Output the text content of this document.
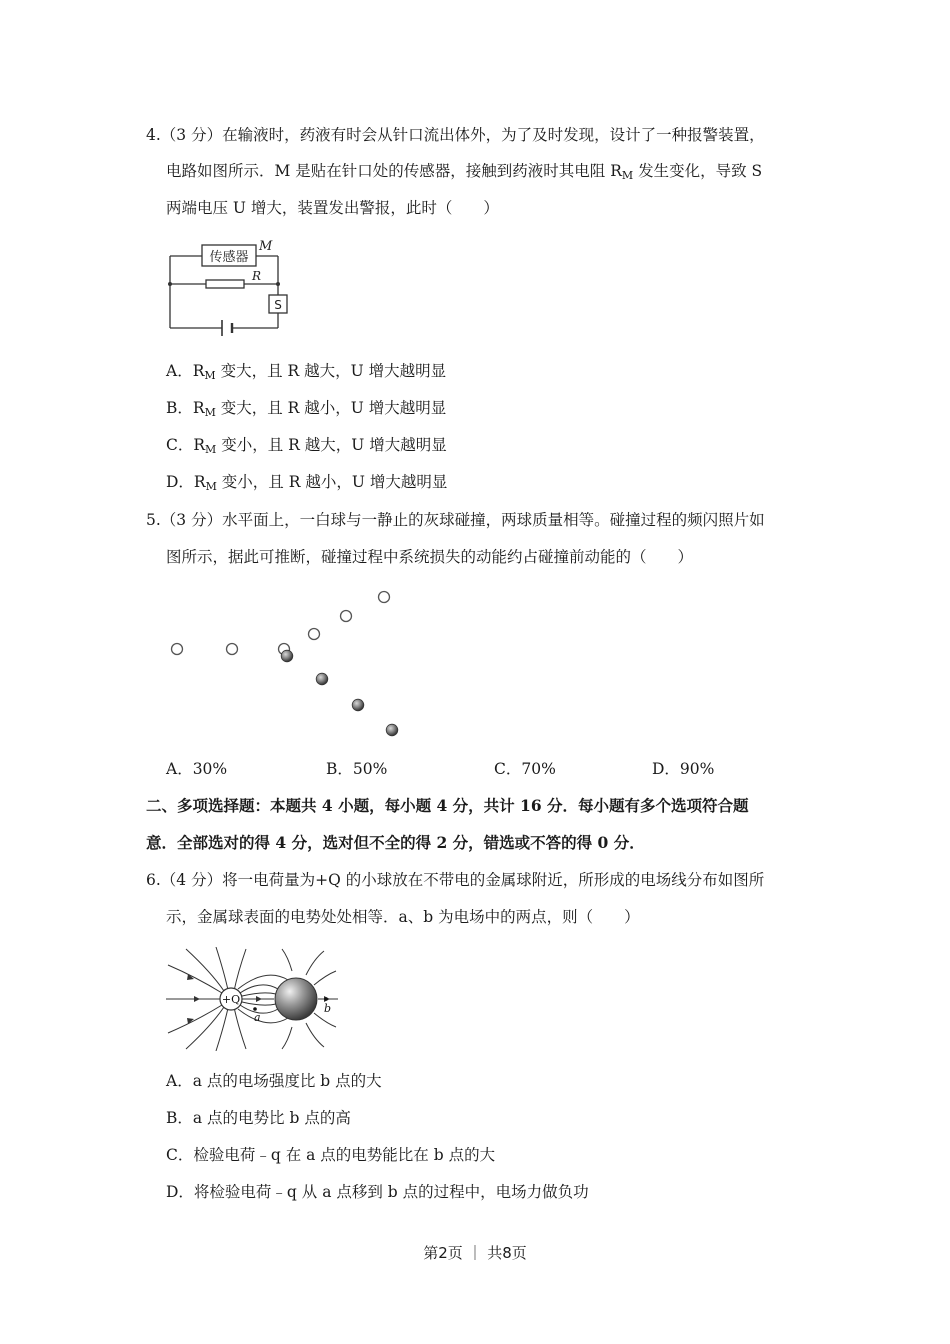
4.（3 分）在输液时，药液有时会从针口流出体外，为了及时发现，设计了一种报警装置，
电路如图所示．M 是贴在针口处的传感器，接触到药液时其电阻 $R_M$ 发生变化，导致 S
两端电压 U 增大，装置发出警报，此时（　　）
传感器
M
R
S
A．$R_M$ 变大，且 R 越大，U 增大越明显
B．$R_M$ 变大，且 R 越小，U 增大越明显
C．$R_M$ 变小，且 R 越大，U 增大越明显
D．$R_M$ 变小，且 R 越小，U 增大越明显
5.（3 分）水平面上，一白球与一静止的灰球碰撞，两球质量相等。碰撞过程的频闪照片如
图所示，据此可推断，碰撞过程中系统损失的动能约占碰撞前动能的（　　）
A．30%	B．50%	C．70%	D．90%
二、多项选择题：本题共 4 小题，每小题 4 分，共计 16 分．每小题有多个选项符合题
意．全部选对的得 4 分，选对但不全的得 2 分，错选或不答的得 0 分．
6.（4 分）将一电荷量为+Q 的小球放在不带电的金属球附近，所形成的电场线分布如图所
示，金属球表面的电势处处相等．a、b 为电场中的两点，则（　　）
+Q
a
b
A．a 点的电场强度比 b 点的大
B．a 点的电势比 b 点的高
C．检验电荷﹣q 在 a 点的电势能比在 b 点的大
D．将检验电荷﹣q 从 a 点移到 b 点的过程中，电场力做负功
第2页 ｜ 共8页
